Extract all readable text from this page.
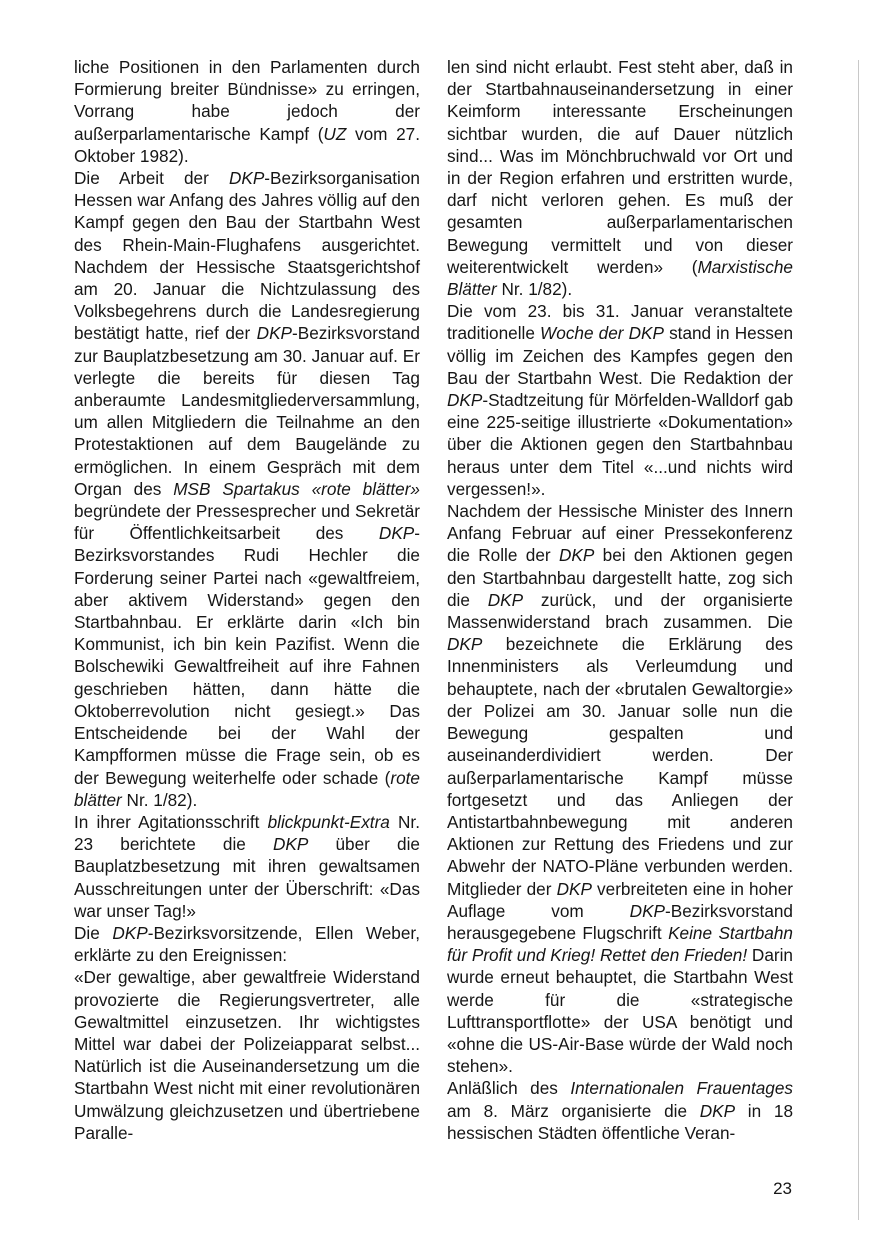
liche Positionen in den Parlamenten durch Formierung breiter Bündnisse» zu erringen, Vorrang habe jedoch der außerparlamentarische Kampf (UZ vom 27. Oktober 1982).

Die Arbeit der DKP-Bezirksorganisation Hessen war Anfang des Jahres völlig auf den Kampf gegen den Bau der Startbahn West des Rhein-Main-Flughafens ausgerichtet. Nachdem der Hessische Staatsgerichtshof am 20. Januar die Nichtzulassung des Volksbegehrens durch die Landesregierung bestätigt hatte, rief der DKP-Bezirksvorstand zur Bauplatzbesetzung am 30. Januar auf. Er verlegte die bereits für diesen Tag anberaumte Landesmitgliederversammlung, um allen Mitgliedern die Teilnahme an den Protestaktionen auf dem Baugelände zu ermöglichen. In einem Gespräch mit dem Organ des MSB Spartakus «rote blätter» begründete der Pressesprecher und Sekretär für Öffentlichkeitsarbeit des DKP-Bezirksvorstandes Rudi Hechler die Forderung seiner Partei nach «gewaltfreiem, aber aktivem Widerstand» gegen den Startbahnbau. Er erklärte darin «Ich bin Kommunist, ich bin kein Pazifist. Wenn die Bolschewiki Gewaltfreiheit auf ihre Fahnen geschrieben hätten, dann hätte die Oktoberrevolution nicht gesiegt.» Das Entscheidende bei der Wahl der Kampfformen müsse die Frage sein, ob es der Bewegung weiterhelfe oder schade (rote blätter Nr. 1/82).

In ihrer Agitationsschrift blickpunkt-Extra Nr. 23 berichtete die DKP über die Bauplatzbesetzung mit ihren gewaltsamen Ausschreitungen unter der Überschrift: «Das war unser Tag!»

Die DKP-Bezirksvorsitzende, Ellen Weber, erklärte zu den Ereignissen:

«Der gewaltige, aber gewaltfreie Widerstand provozierte die Regierungsvertreter, alle Gewaltmittel einzusetzen. Ihr wichtigstes Mittel war dabei der Polizeiapparat selbst... Natürlich ist die Auseinandersetzung um die Startbahn West nicht mit einer revolutionären Umwälzung gleichzusetzen und übertriebene Paralle-

len sind nicht erlaubt. Fest steht aber, daß in der Startbahnauseinandersetzung in einer Keimform interessante Erscheinungen sichtbar wurden, die auf Dauer nützlich sind... Was im Mönchbruchwald vor Ort und in der Region erfahren und erstritten wurde, darf nicht verloren gehen. Es muß der gesamten außerparlamentarischen Bewegung vermittelt und von dieser weiterentwickelt werden» (Marxistische Blätter Nr. 1/82).

Die vom 23. bis 31. Januar veranstaltete traditionelle Woche der DKP stand in Hessen völlig im Zeichen des Kampfes gegen den Bau der Startbahn West. Die Redaktion der DKP-Stadtzeitung für Mörfelden-Walldorf gab eine 225-seitige illustrierte «Dokumentation» über die Aktionen gegen den Startbahnbau heraus unter dem Titel «...und nichts wird vergessen!».

Nachdem der Hessische Minister des Innern Anfang Februar auf einer Pressekonferenz die Rolle der DKP bei den Aktionen gegen den Startbahnbau dargestellt hatte, zog sich die DKP zurück, und der organisierte Massenwiderstand brach zusammen. Die DKP bezeichnete die Erklärung des Innenministers als Verleumdung und behauptete, nach der «brutalen Gewaltorgie» der Polizei am 30. Januar solle nun die Bewegung gespalten und auseinanderdividiert werden. Der außerparlamentarische Kampf müsse fortgesetzt und das Anliegen der Antistartbahnbewegung mit anderen Aktionen zur Rettung des Friedens und zur Abwehr der NATO-Pläne verbunden werden. Mitglieder der DKP verbreiteten eine in hoher Auflage vom DKP-Bezirksvorstand herausgegebene Flugschrift Keine Startbahn für Profit und Krieg! Rettet den Frieden! Darin wurde erneut behauptet, die Startbahn West werde für die «strategische Lufttransportflotte» der USA benötigt und «ohne die US-Air-Base würde der Wald noch stehen».

Anläßlich des Internationalen Frauentages am 8. März organisierte die DKP in 18 hessischen Städten öffentliche Veran-

23
